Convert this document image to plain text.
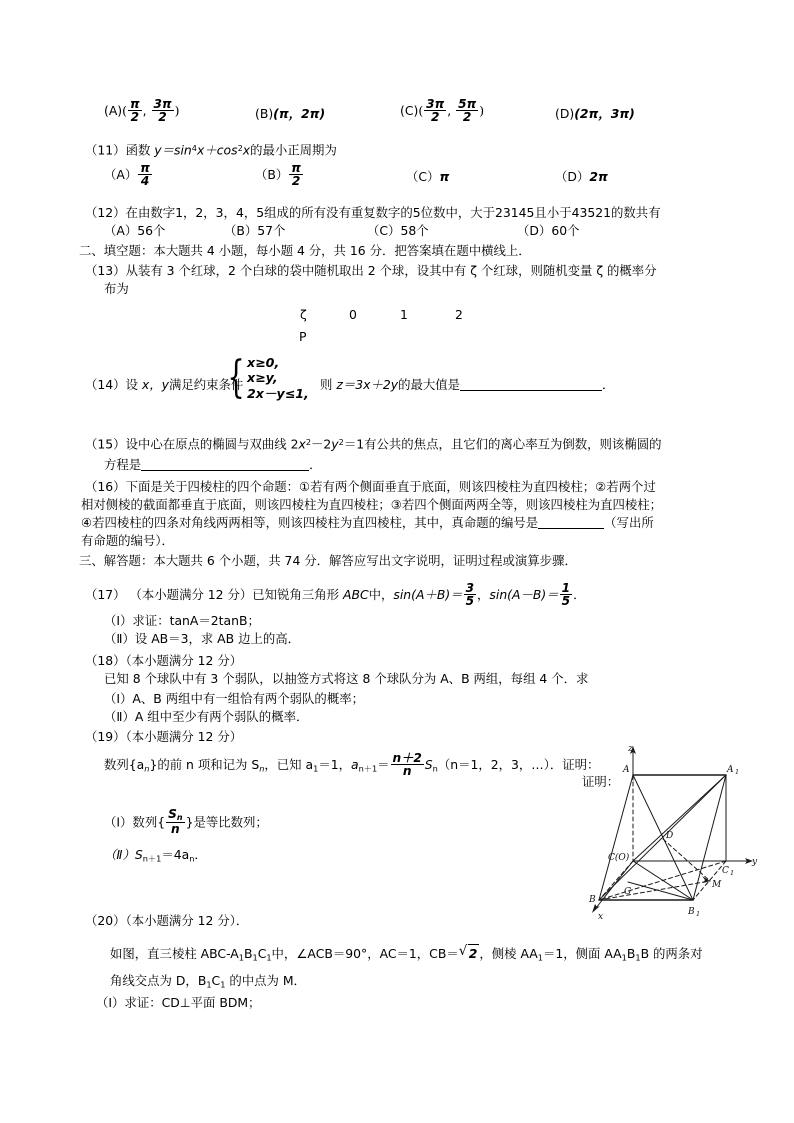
$(A)( \frac{\pi}{2}$ , $\frac{3\pi}{2}$ )	(B)(π，2π)	$(C)( \frac{3\pi}{2}$ , $\frac{5\pi}{2}$ )	(D)(2π，3π)
（11）函数 $y=\sin^4x+\cos^2x$的最小正周期为
$(A) \frac{\pi}{4}$	$(B) \frac{\pi}{2}$	（C）π	（D）2π
（12）在由数字1，2，3，4，5组成的所有没有重复数字的5位数中，大于23145且小于43521的数共有
（A）56个	（B）57个	（C）58个	（D）60个
二、填空题：本大题共 4 小题，每小题 4 分，共 16 分．把答案填在题中横线上．
（13）从装有 3 个红球，2 个白球的袋中随机取出 2 个球，设其中有 ζ 个红球，则随机变量 ζ 的概率分
布为
ζ	0	1	2
P
（14）设 x，y满足约束条件
{ x≥0,
x≥y,
2x－y≤1,
则 z＝3x＋2y的最大值是	．
（15）设中心在原点的椭圆与双曲线 $2x^2-2y^2=1$有公共的焦点，且它们的离心率互为倒数，则该椭圆的
方程是	．
（16）下面是关于四棱柱的四个命题：①若有两个侧面垂直于底面，则该四棱柱为直四棱柱；②若两个过
相对侧棱的截面都垂直于底面，则该四棱柱为直四棱柱；③若四个侧面两两全等，则该四棱柱为直四棱柱；
④若四棱柱的四条对角线两两相等，则该四棱柱为直四棱柱，其中，真命题的编号是	（写出所
有命题的编号）．
三、解答题：本大题共 6 个小题，共 74 分．解答应写出文字说明，证明过程或演算步骤．
（17） （本小题满分 12 分）已知锐角三角形 ABC中，$\sin(A+B)= \frac{3}{5}$ ，$\sin(A-B)= \frac{1}{5}$ ．
（Ⅰ）求证：tanA＝2tanB；
（Ⅱ）设 AB＝3，求 AB 边上的高．
（18）（本小题满分 12 分）
已知 8 个球队中有 3 个弱队，以抽签方式将这 8 个球队分为 A、B 两组，每组 4 个．求
（Ⅰ）A、B 两组中有一组恰有两个弱队的概率；
（Ⅱ）A 组中至少有两个弱队的概率．
（19）（本小题满分 12 分）
数列$\{a_n\}$的前 n 项和记为 $S_n$，已知 $a_1=1$，$a_{n+1}= \frac{n+2}{n} S_n(n=1$，2，3，…）．证明：
（Ⅰ）数列{ $\frac{S_n}{n}$ }是等比数列；
$(Ⅱ)S_{n+1}=4a_n$．
（20）（本小题满分 12 分）．
如图，直三棱柱 ABC-$A_1B_1C_1$中，∠ACB＝90°，AC＝1，CB＝ √ 2 ，侧棱 $AA_1=1$，侧面 $AA_1B_1B$ 的两条对
角线交点为 D，$B_1C_1$ 的中点为 M．
（Ⅰ）求证：CD⊥平面 BDM；
证明：
z
y
x
A	A 1
C(O)
C 1
B
B 1
D
G
M
